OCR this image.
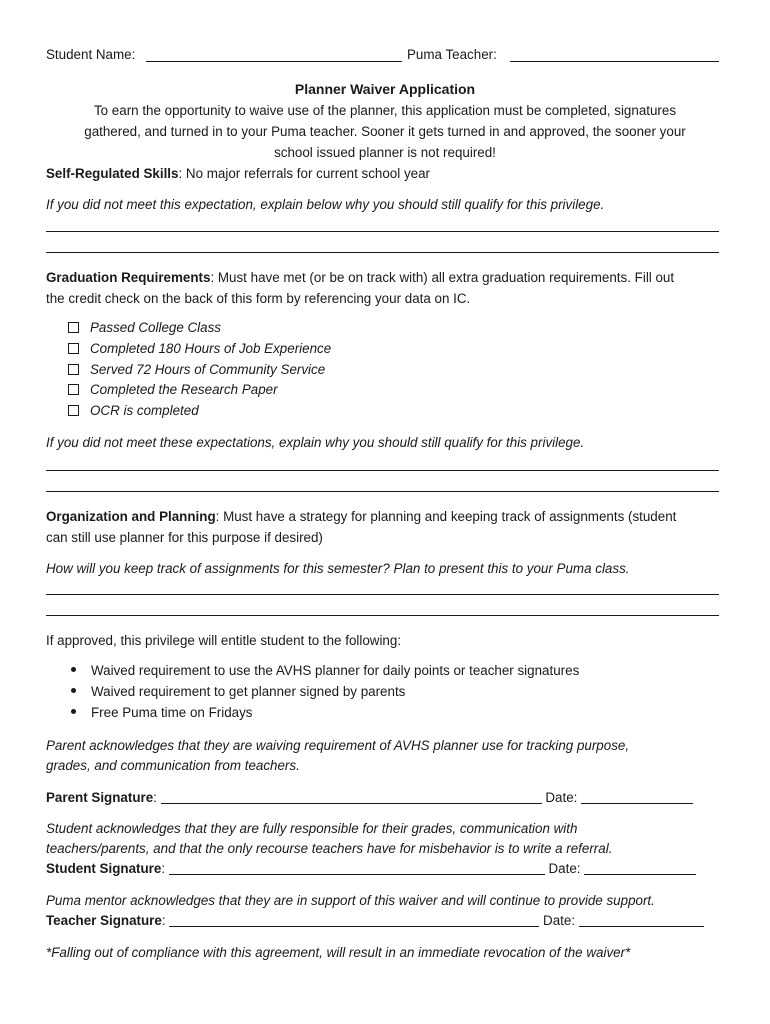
Student Name:	Puma Teacher:
Planner Waiver Application
To earn the opportunity to waive use of the planner, this application must be completed, signatures
gathered, and turned in to your Puma teacher. Sooner it gets turned in and approved, the sooner your
school issued planner is not required!
Self-Regulated Skills: No major referrals for current school year
If you did not meet this expectation, explain below why you should still qualify for this privilege.
Graduation Requirements: Must have met (or be on track with) all extra graduation requirements. Fill out
the credit check on the back of this form by referencing your data on IC.
Passed College Class
Completed 180 Hours of Job Experience
Served 72 Hours of Community Service
Completed the Research Paper
OCR is completed
If you did not meet these expectations, explain why you should still qualify for this privilege.
Organization and Planning: Must have a strategy for planning and keeping track of assignments (student
can still use planner for this purpose if desired)
How will you keep track of assignments for this semester? Plan to present this to your Puma class.
If approved, this privilege will entitle student to the following:
Waived requirement to use the AVHS planner for daily points or teacher signatures
Waived requirement to get planner signed by parents
Free Puma time on Fridays
Parent acknowledges that they are waiving requirement of AVHS planner use for tracking purpose,
grades, and communication from teachers.
Parent Signature:	Date:
Student acknowledges that they are fully responsible for their grades, communication with
teachers/parents, and that the only recourse teachers have for misbehavior is to write a referral.
Student Signature:	Date:
Puma mentor acknowledges that they are in support of this waiver and will continue to provide support.
Teacher Signature:	Date:
*Falling out of compliance with this agreement, will result in an immediate revocation of the waiver*
